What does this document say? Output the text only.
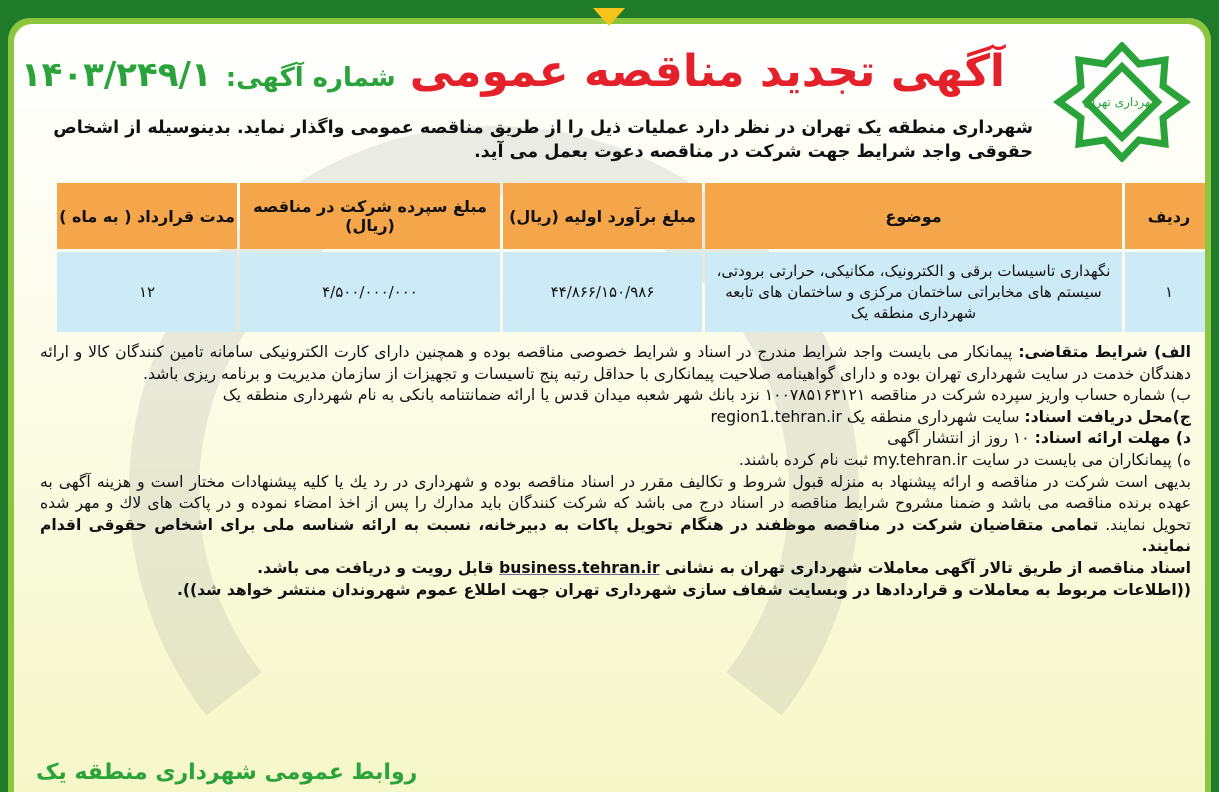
شهرداری تهران
آگهی تجدید مناقصه عمومی
شماره آگهی:
۱۴۰۳/۲۴۹/۱
شهرداری منطقه یک تهران در نظر دارد عملیات ذیل را از طریق مناقصه عمومی واگذار نماید. بدینوسیله از اشخاص حقوقی واجد شرایط جهت شرکت در مناقصه دعوت بعمل می آید.
ردیف	موضوع	مبلغ برآورد اولیه (ریال)	مبلغ سپرده شرکت در مناقصه (ریال)	مدت قرارداد ( به ماه )
۱	نگهداری تاسیسات برقی و الکترونیک، مکانیکی، حرارتی برودتی، سیستم های مخابراتی ساختمان مرکزی و ساختمان های تابعه شهرداری منطقه یک	۴۴/۸۶۶/۱۵۰/۹۸۶	۴/۵۰۰/۰۰۰/۰۰۰	۱۲

الف) شرایط متقاضی: پیمانکار می بایست واجد شرایط مندرج در اسناد و شرایط خصوصی مناقصه بوده و همچنین دارای کارت الکترونیکی سامانه تامین کنندگان کالا و ارائه دهندگان خدمت در سایت شهرداری تهران بوده و دارای گواهینامه صلاحیت پیمانکاری با حداقل رتبه پنج تاسیسات و تجهیزات از سازمان مدیریت و برنامه ریزی باشد.

ب) شماره حساب واریز سپرده شرکت در مناقصه ۱۰۰۷۸۵۱۶۳۱۲۱ نزد بانك شهر شعبه میدان قدس یا ارائه ضمانتنامه بانکی به نام شهرداری منطقه یک

ج)محل دریافت اسناد: سایت شهرداری منطقه یک region1.tehran.ir

د) مهلت ارائه اسناد: ۱۰ روز از انتشار آگهی

ه) پیمانکاران می بایست در سایت my.tehran.ir ثبت نام کرده باشند.

بدیهی است شرکت در مناقصه و ارائه پیشنهاد به منزله قبول شروط و تکالیف مقرر در اسناد مناقصه بوده و شهرداری در رد یك یا کلیه پیشنهادات مختار است و هزینه آگهی به عهده برنده مناقصه می باشد و ضمنا مشروح شرایط مناقصه در اسناد درج می باشد که شرکت کنندگان باید مدارك را پس از اخذ امضاء نموده و در پاکت های لاك و مهر شده تحویل نمایند. تمامی متقاضیان شرکت در مناقصه موظفند در هنگام تحویل پاکات به دبیرخانه، نسبت به ارائه شناسه ملی برای اشخاص حقوقی اقدام نمایند.

اسناد مناقصه از طریق تالار آگهی معاملات شهرداری تهران به نشانی business.tehran.ir قابل رویت و دریافت می باشد.

((اطلاعات مربوط به معاملات و قراردادها در وبسایت شفاف سازی شهرداری تهران جهت اطلاع عموم شهروندان منتشر خواهد شد)).

روابط عمومی شهرداری منطقه یک
